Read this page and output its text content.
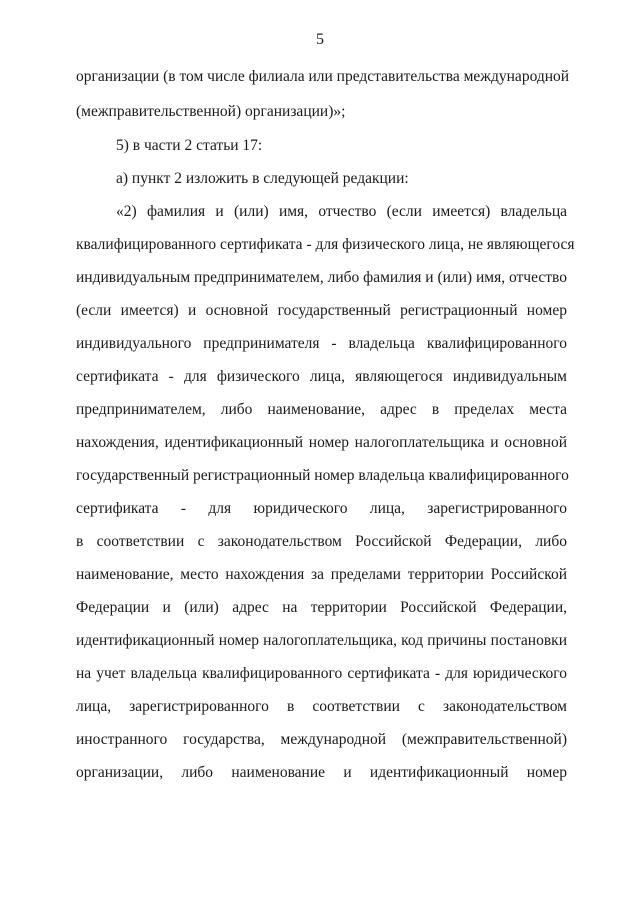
5
организации (в том числе филиала или представительства международной
(межправительственной) организации)»;
5) в части 2 статьи 17:
а) пункт 2 изложить в следующей редакции:
«2) фамилия и (или) имя, отчество (если имеется) владельца
квалифицированного сертификата - для физического лица, не являющегося
индивидуальным предпринимателем, либо фамилия и (или) имя, отчество
(если имеется) и основной государственный регистрационный номер
индивидуального предпринимателя - владельца квалифицированного
сертификата - для физического лица, являющегося индивидуальным
предпринимателем, либо наименование, адрес в пределах места
нахождения, идентификационный номер налогоплательщика и основной
государственный регистрационный номер владельца квалифицированного
сертификата - для юридического лица, зарегистрированного
в соответствии с законодательством Российской Федерации, либо
наименование, место нахождения за пределами территории Российской
Федерации и (или) адрес на территории Российской Федерации,
идентификационный номер налогоплательщика, код причины постановки
на учет владельца квалифицированного сертификата - для юридического
лица, зарегистрированного в соответствии с законодательством
иностранного государства, международной (межправительственной)
организации, либо наименование и идентификационный номер
